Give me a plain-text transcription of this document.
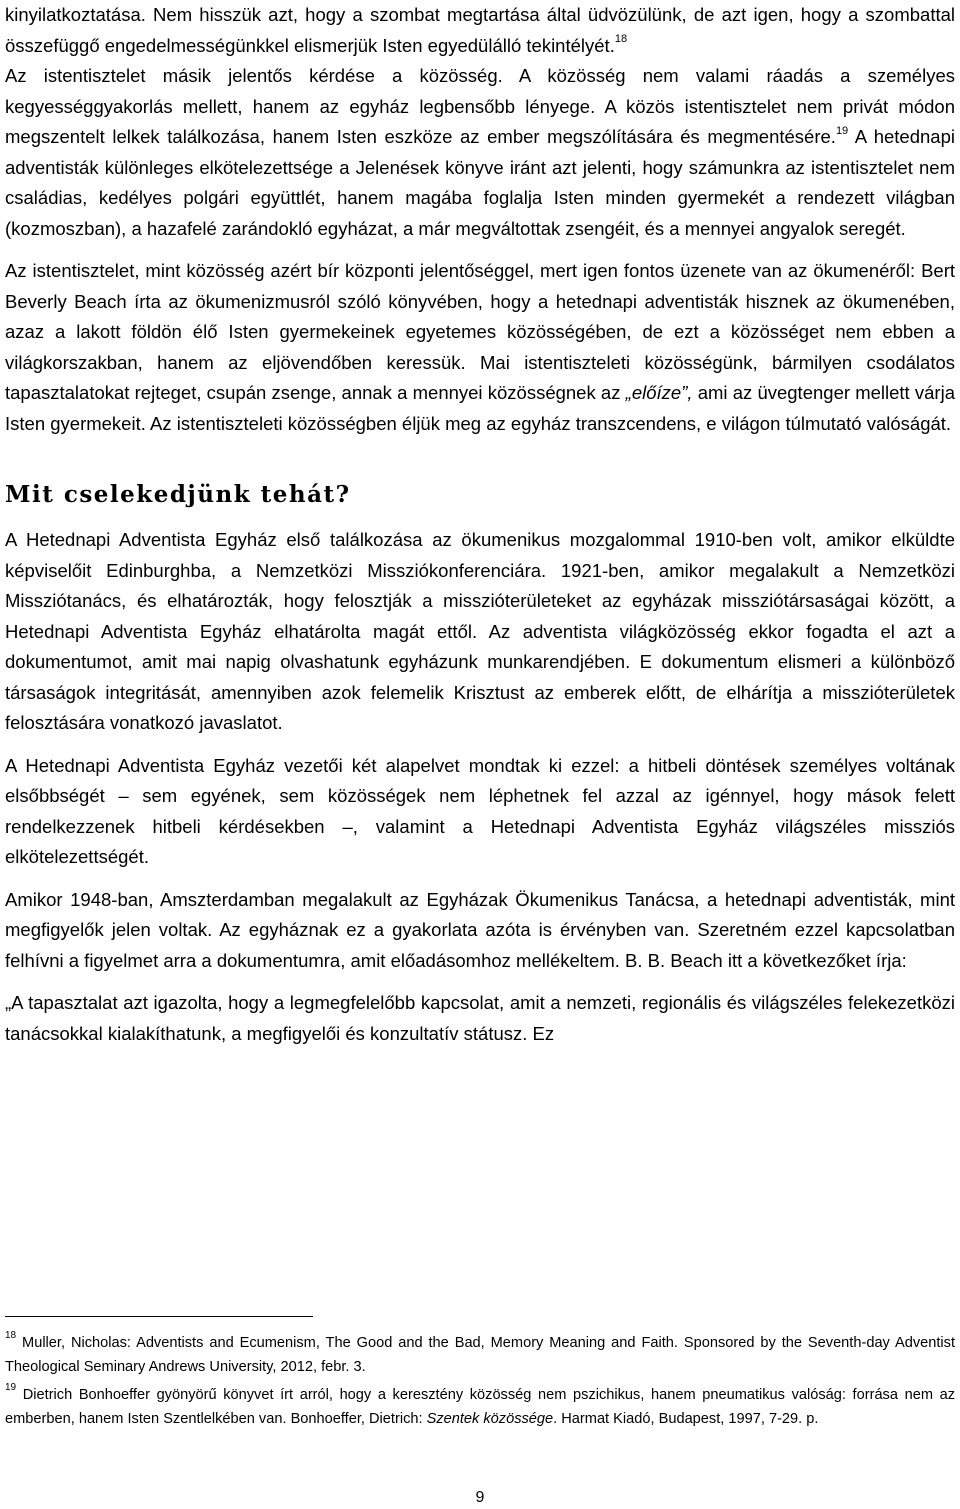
kinyilatkoztatása. Nem hisszük azt, hogy a szombat megtartása által üdvözülünk, de azt igen, hogy a szombattal összefüggő engedelmességünkkel elismerjük Isten egyedülálló tekintélyét.$^{18}$

Az istentisztelet másik jelentős kérdése a közösség. A közösség nem valami ráadás a személyes kegyességgyakorlás mellett, hanem az egyház legbensőbb lényege. A közös istentisztelet nem privát módon megszentelt lelkek találkozása, hanem Isten eszköze az ember megszólítására és megmentésére.$^{19}$ A hetednapi adventisták különleges elkötelezettsége a Jelenések könyve iránt azt jelenti, hogy számunkra az istentisztelet nem családias, kedélyes polgári együttlét, hanem magába foglalja Isten minden gyermekét a rendezett világban (kozmoszban), a hazafelé zarándokló egyházat, a már megváltottak zsengéit, és a mennyei angyalok seregét.

Az istentisztelet, mint közösség azért bír központi jelentőséggel, mert igen fontos üzenete van az ökumenéről: Bert Beverly Beach írta az ökumenizmusról szóló könyvében, hogy a hetednapi adventisták hisznek az ökumenében, azaz a lakott földön élő Isten gyermekeinek egyetemes közösségében, de ezt a közösséget nem ebben a világkorszakban, hanem az eljövendőben keressük. Mai istentiszteleti közösségünk, bármilyen csodálatos tapasztalatokat rejteget, csupán zsenge, annak a mennyei közösségnek az „előíze”, ami az üvegtenger mellett várja Isten gyermekeit. Az istentiszteleti közösségben éljük meg az egyház transzcendens, e világon túlmutató valóságát.

Mit cselekedjünk tehát?

A Hetednapi Adventista Egyház első találkozása az ökumenikus mozgalommal 1910-ben volt, amikor elküldte képviselőit Edinburghba, a Nemzetközi Missziókonferenciára. 1921-ben, amikor megalakult a Nemzetközi Missziótanács, és elhatározták, hogy felosztják a misszióterületeket az egyházak missziótársaságai között, a Hetednapi Adventista Egyház elhatárolta magát ettől. Az adventista világközösség ekkor fogadta el azt a dokumentumot, amit mai napig olvashatunk egyházunk munkarendjében. E dokumentum elismeri a különböző társaságok integritását, amennyiben azok felemelik Krisztust az emberek előtt, de elhárítja a misszióterületek felosztására vonatkozó javaslatot.

A Hetednapi Adventista Egyház vezetői két alapelvet mondtak ki ezzel: a hitbeli döntések személyes voltának elsőbbségét – sem egyének, sem közösségek nem léphetnek fel azzal az igénnyel, hogy mások felett rendelkezzenek hitbeli kérdésekben –, valamint a Hetednapi Adventista Egyház világszéles missziós elkötelezettségét.

Amikor 1948-ban, Amszterdamban megalakult az Egyházak Ökumenikus Tanácsa, a hetednapi adventisták, mint megfigyelők jelen voltak. Az egyháznak ez a gyakorlata azóta is érvényben van. Szeretném ezzel kapcsolatban felhívni a figyelmet arra a dokumentumra, amit előadásomhoz mellékeltem. B. B. Beach itt a következőket írja:

„A tapasztalat azt igazolta, hogy a legmegfelelőbb kapcsolat, amit a nemzeti, regionális és világszéles felekezetközi tanácsokkal kialakíthatunk, a megfigyelői és konzultatív státusz. Ez

$^{18}$ Muller, Nicholas: Adventists and Ecumenism, The Good and the Bad, Memory Meaning and Faith. Sponsored by the Seventh-day Adventist Theological Seminary Andrews University, 2012, febr. 3.
$^{19}$ Dietrich Bonhoeffer gyönyörű könyvet írt arról, hogy a keresztény közösség nem pszichikus, hanem pneumatikus valóság: forrása nem az emberben, hanem Isten Szentlelkében van. Bonhoeffer, Dietrich: Szentek közössége. Harmat Kiadó, Budapest, 1997, 7-29. p.
9
